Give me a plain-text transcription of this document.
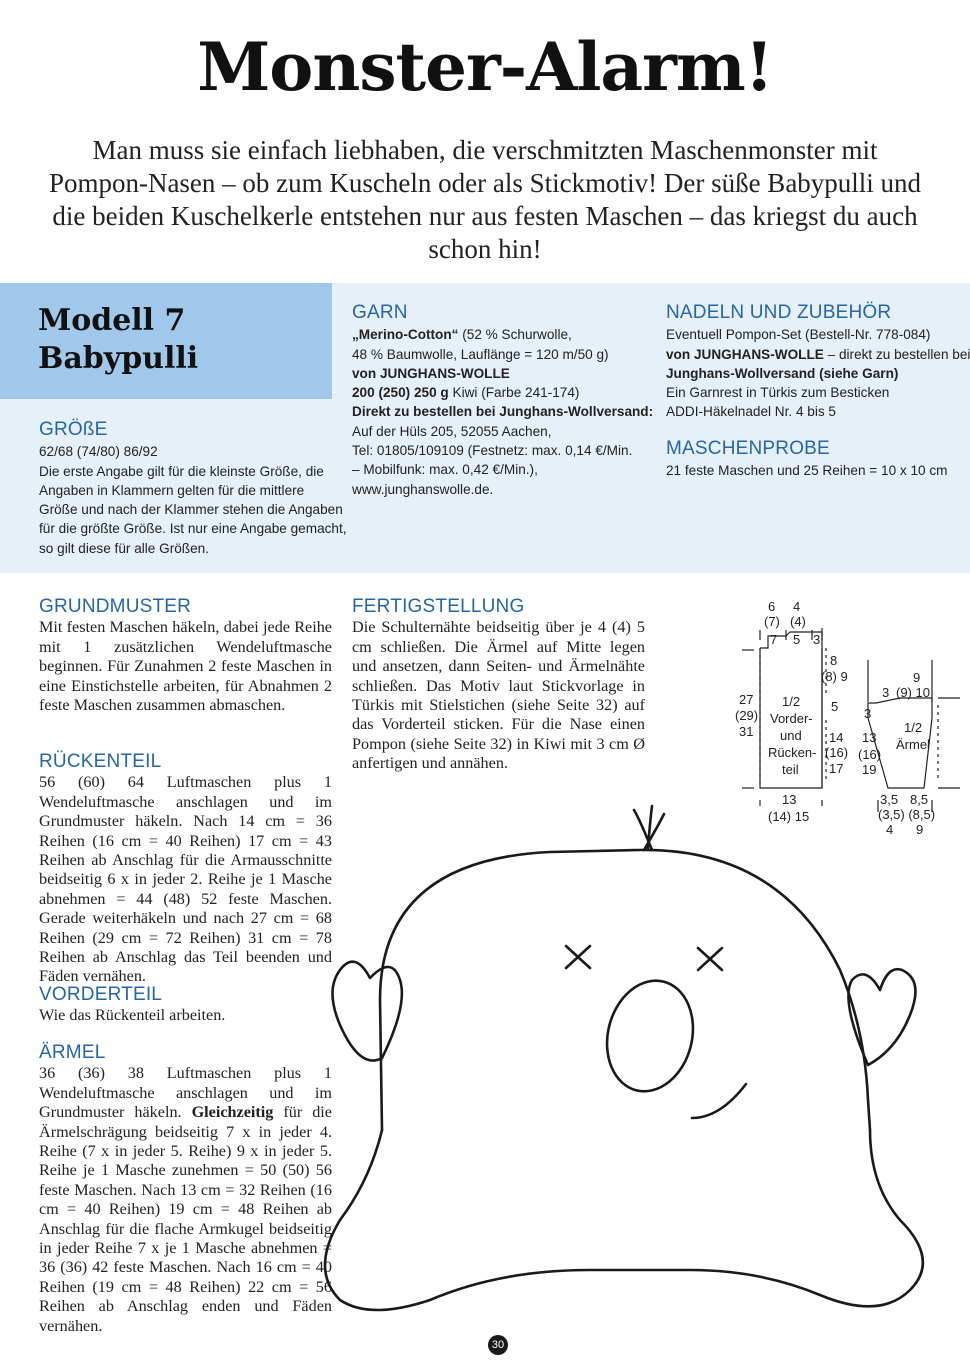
Monster-Alarm!
Man muss sie einfach liebhaben, die verschmitzten Maschenmonster mit Pompon-Nasen – ob zum Kuscheln oder als Stickmotiv! Der süße Babypulli und die beiden Kuschelkerle entstehen nur aus festen Maschen – das kriegst du auch schon hin!
Modell 7
Babypulli
GRÖßE
62/68 (74/80) 86/92
Die erste Angabe gilt für die kleinste Größe, die
Angaben in Klammern gelten für die mittlere
Größe und nach der Klammer stehen die Angaben
für die größte Größe. Ist nur eine Angabe gemacht,
so gilt diese für alle Größen.
GARN
„Merino-Cotton“ (52 % Schurwolle,
48 % Baumwolle, Lauflänge = 120 m/50 g)
von JUNGHANS-WOLLE
200 (250) 250 g Kiwi (Farbe 241-174)
Direkt zu bestellen bei Junghans-Wollversand:
Auf der Hüls 205, 52055 Aachen,
Tel: 01805/109109 (Festnetz: max. 0,14 €/Min.
– Mobilfunk: max. 0,42 €/Min.),
www.junghanswolle.de.
NADELN UND ZUBEHÖR
Eventuell Pompon-Set (Bestell-Nr. 778-084)
von JUNGHANS-WOLLE – direkt zu bestellen bei
Junghans-Wollversand (siehe Garn)
Ein Garnrest in Türkis zum Besticken
ADDI-Häkelnadel Nr. 4 bis 5
MASCHENPROBE
21 feste Maschen und 25 Reihen = 10 x 10 cm
GRUNDMUSTER
Mit festen Maschen häkeln, dabei jede Reihe mit 1 zusätzlichen Wendeluftmasche beginnen. Für Zunahmen 2 feste Maschen in eine Einstichstelle arbeiten, für Abnahmen 2 feste Maschen zusammen abmaschen.
RÜCKENTEIL
56 (60) 64 Luftmaschen plus 1 Wendeluftmasche anschlagen und im Grundmuster häkeln. Nach 14 cm = 36 Reihen (16 cm = 40 Reihen) 17 cm = 43 Reihen ab Anschlag für die Armausschnitte beidseitig 6 x in jeder 2. Reihe je 1 Masche abnehmen = 44 (48) 52 feste Maschen. Gerade weiterhäkeln und nach 27 cm = 68 Reihen (29 cm = 72 Reihen) 31 cm = 78 Reihen ab Anschlag das Teil beenden und Fäden vernähen.
VORDERTEIL
Wie das Rückenteil arbeiten.
ÄRMEL
36 (36) 38 Luftmaschen plus 1 Wendeluftmasche anschlagen und im Grundmuster häkeln. Gleichzeitig für die Ärmelschrägung beidseitig 7 x in jeder 4. Reihe (7 x in jeder 5. Reihe) 9 x in jeder 5. Reihe je 1 Masche zunehmen = 50 (50) 56 feste Maschen. Nach 13 cm = 32 Reihen (16 cm = 40 Reihen) 19 cm = 48 Reihen ab Anschlag für die flache Armkugel beidseitig in jeder Reihe 7 x je 1 Masche abnehmen = 36 (36) 42 feste Maschen. Nach 16 cm = 40 Reihen (19 cm = 48 Reihen) 22 cm = 56 Reihen ab Anschlag enden und Fäden vernähen.
FERTIGSTELLUNG
Die Schulternähte beidseitig über je 4 (4) 5 cm schließen. Die Ärmel auf Mitte legen und ansetzen, dann Seiten- und Ärmelnähte schließen. Das Motiv laut Stickvorlage in Türkis mit Stielstichen (siehe Seite 32) auf das Vorderteil sticken. Für die Nase einen Pompon (siehe Seite 32) in Kiwi mit 3 cm Ø anfertigen und annähen.
6 4
(7) (4)
7 5 3
27
(29)
31
1/2
Vorder-
und
Rücken-
teil
8
(8) 9
5
14
(16)
17
13
(14) 15
9
3 (9) 10
3
1/2
Ärmel
13
(16)
19
3,5 8,5
(3,5) (8,5)
4 9
30
